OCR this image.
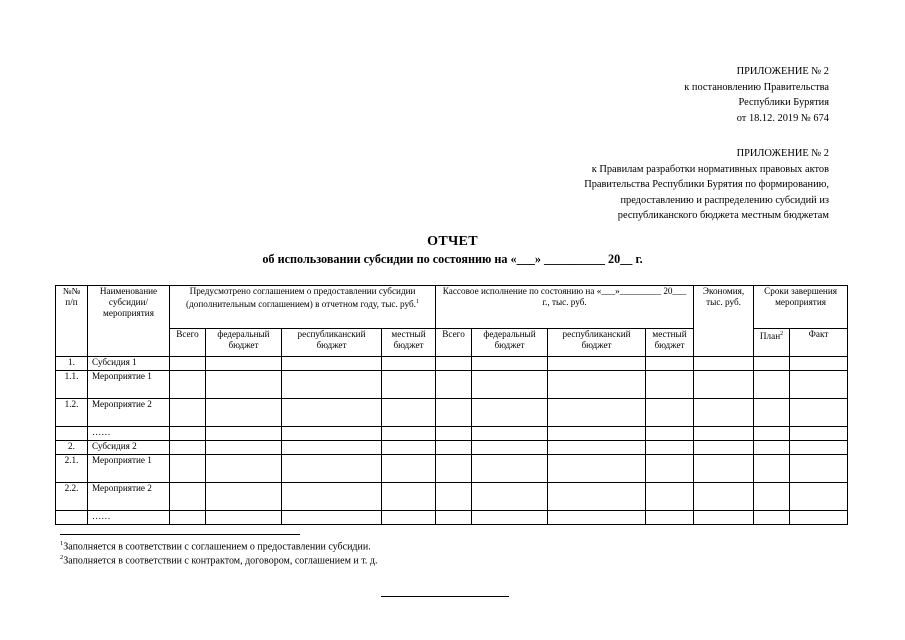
ПРИЛОЖЕНИЕ № 2
к постановлению Правительства
Республики Бурятия
от 18.12. 2019 № 674
ПРИЛОЖЕНИЕ № 2
к Правилам разработки нормативных правовых актов
Правительства Республики Бурятия по формированию,
предоставлению и распределению субсидий из
республиканского бюджета местным бюджетам
ОТЧЕТ
об использовании субсидии по состоянию на «___» __________ 20__ г.
№№ п/п	Наименование субсидии/ мероприятия	Предусмотрено соглашением о предоставлении субсидии (дополнительным соглашением) в отчетном году, тыс. руб.$^1$				Кассовое исполнение по состоянию на «___»_________ 20___ г., тыс. руб.				Экономия, тыс. руб.	Сроки завершения мероприятия	
		Всего	федеральный бюджет	республиканский бюджет	местный бюджет	Всего	федеральный бюджет	республиканский бюджет	местный бюджет		План$^2$	Факт
1.	Субсидия 1											
1.1.	Мероприятие 1											
1.2.	Мероприятие 2											
	……											
2.	Субсидия 2											
2.1.	Мероприятие 1											
2.2.	Мероприятие 2											
	……											
$^1$Заполняется в соответствии с соглашением о предоставлении субсидии.
$^2$Заполняется в соответствии с контрактом, договором, соглашением и т. д.
